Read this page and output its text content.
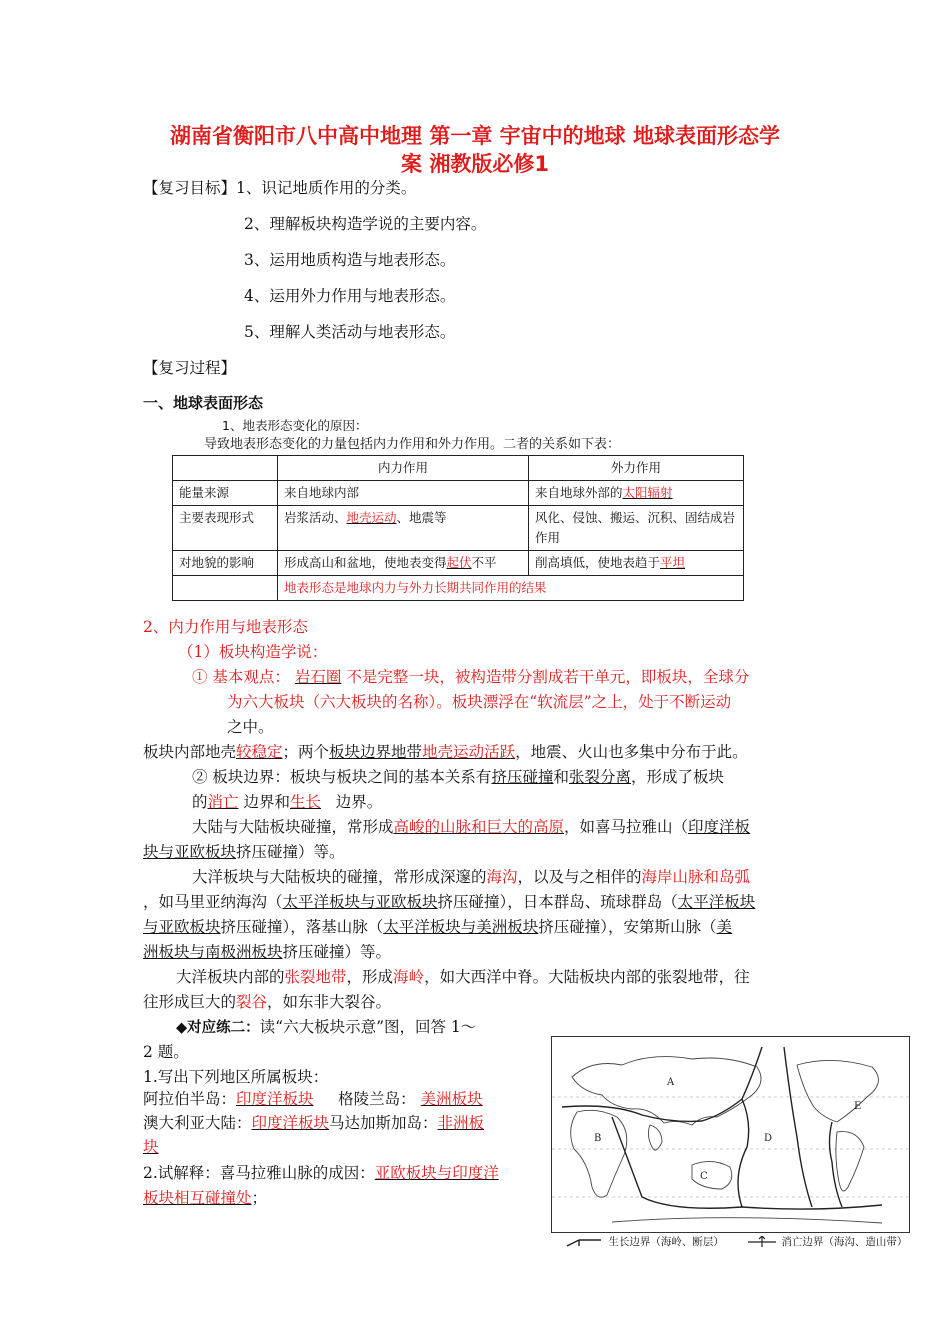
湖南省衡阳市八中高中地理 第一章 宇宙中的地球 地球表面形态学
案 湘教版必修1
【复习目标】1、识记地质作用的分类。
2、理解板块构造学说的主要内容。
3、运用地质构造与地表形态。
4、运用外力作用与地表形态。
5、理解人类活动与地表形态。
【复习过程】
一、地球表面形态
1、地表形态变化的原因：
导致地表形态变化的力量包括内力作用和外力作用。二者的关系如下表：
	内力作用	外力作用
能量来源	来自地球内部	来自地球外部的太阳辐射
主要表现形式	岩浆活动、地壳运动、地震等	风化、侵蚀、搬运、沉积、固结成岩作用
对地貌的影响	形成高山和盆地，使地表变得起伏不平	削高填低，使地表趋于平坦
	地表形态是地球内力与外力长期共同作用的结果	
2、内力作用与地表形态
（1）板块构造学说：
① 基本观点： 岩石圈 不是完整一块，被构造带分割成若干单元，即板块，全球分
为六大板块（六大板块的名称）。板块漂浮在“软流层”之上，处于不断运动
之中。
板块内部地壳较稳定；两个板块边界地带地壳运动活跃，地震、火山也多集中分布于此。
② 板块边界：板块与板块之间的基本关系有挤压碰撞和张裂分离，形成了板块
的消亡 边界和生长 边界。
大陆与大陆板块碰撞，常形成高峻的山脉和巨大的高原，如喜马拉雅山（印度洋板
块与亚欧板块挤压碰撞）等。
大洋板块与大陆板块的碰撞，常形成深邃的海沟，以及与之相伴的海岸山脉和岛弧
，如马里亚纳海沟（太平洋板块与亚欧板块挤压碰撞），日本群岛、琉球群岛（太平洋板块
与亚欧板块挤压碰撞），落基山脉（太平洋板块与美洲板块挤压碰撞），安第斯山脉（美
洲板块与南极洲板块挤压碰撞）等。
大洋板块内部的张裂地带，形成海岭，如大西洋中脊。大陆板块内部的张裂地带，往
往形成巨大的裂谷，如东非大裂谷。
◆对应练二：读“六大板块示意”图，回答 1～
2 题。
1.写出下列地区所属板块：
阿拉伯半岛：印度洋板块 格陵兰岛： 美洲板块
澳大利亚大陆：印度洋板块马达加斯加岛：非洲板
块
2.试解释：喜马拉雅山脉的成因：亚欧板块与印度洋
板块相互碰撞处；
A
B
C
D
E
生长边界（海岭、断层）	消亡边界（海沟、造山带）
